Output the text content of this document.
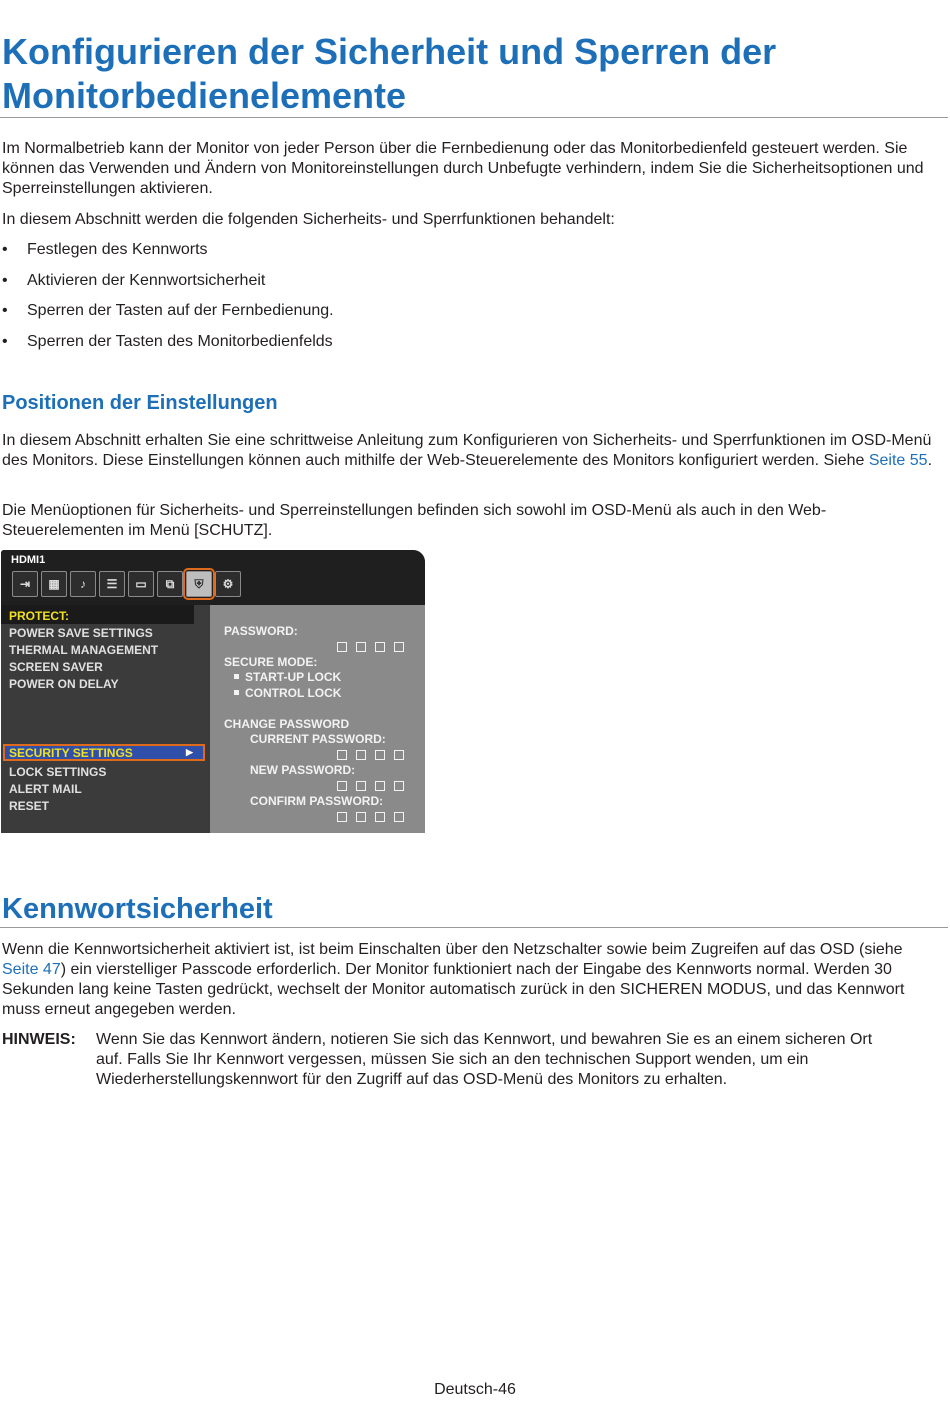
Konfigurieren der Sicherheit und Sperren der Monitorbedienelemente

Im Normalbetrieb kann der Monitor von jeder Person über die Fernbedienung oder das Monitorbedienfeld gesteuert werden. Sie können das Verwenden und Ändern von Monitoreinstellungen durch Unbefugte verhindern, indem Sie die Sicherheitsoptionen und Sperreinstellungen aktivieren.

In diesem Abschnitt werden die folgenden Sicherheits- und Sperrfunktionen behandelt:

• Festlegen des Kennworts
• Aktivieren der Kennwortsicherheit
• Sperren der Tasten auf der Fernbedienung.
• Sperren der Tasten des Monitorbedienfelds
Positionen der Einstellungen
In diesem Abschnitt erhalten Sie eine schrittweise Anleitung zum Konfigurieren von Sicherheits- und Sperrfunktionen im OSD-Menü des Monitors. Diese Einstellungen können auch mithilfe der Web-Steuerelemente des Monitors konfiguriert werden. Siehe Seite 55.

Die Menüoptionen für Sicherheits- und Sperreinstellungen befinden sich sowohl im OSD-Menü als auch in den Web-Steuerelementen im Menü [SCHUTZ].

HDMI1
⇥	▦	♪	☰	▭	⧉	⛨	⚙
PROTECT:
POWER SAVE SETTINGS
THERMAL MANAGEMENT
SCREEN SAVER
POWER ON DELAY
SECURITY SETTINGS	▶
LOCK SETTINGS
ALERT MAIL
RESET
PASSWORD:
SECURE MODE:
START-UP LOCK
CONTROL LOCK
CHANGE PASSWORD
CURRENT PASSWORD:
NEW PASSWORD:
CONFIRM PASSWORD:
Kennwortsicherheit
Wenn die Kennwortsicherheit aktiviert ist, ist beim Einschalten über den Netzschalter sowie beim Zugreifen auf das OSD (siehe Seite 47) ein vierstelliger Passcode erforderlich. Der Monitor funktioniert nach der Eingabe des Kennworts normal. Werden 30 Sekunden lang keine Tasten gedrückt, wechselt der Monitor automatisch zurück in den SICHEREN MODUS, und das Kennwort muss erneut angegeben werden.
HINWEIS: Wenn Sie das Kennwort ändern, notieren Sie sich das Kennwort, und bewahren Sie es an einem sicheren Ort auf. Falls Sie Ihr Kennwort vergessen, müssen Sie sich an den technischen Support wenden, um ein Wiederherstellungskennwort für den Zugriff auf das OSD-Menü des Monitors zu erhalten.
Deutsch-46
